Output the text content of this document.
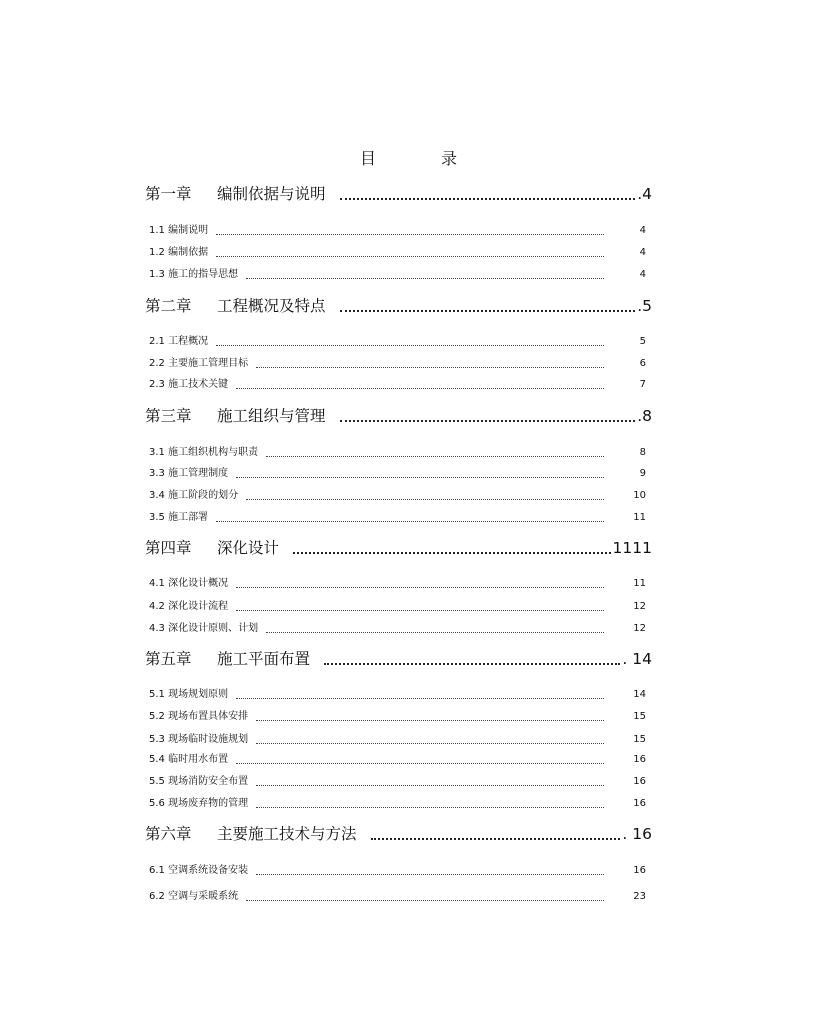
目 录
第一章	编制依据与说明	.4
1.1 编制说明	4
1.2 编制依据	4
1.3 施工的指导思想	4
第二章	工程概况及特点	.5
2.1 工程概况	5
2.2 主要施工管理目标	6
2.3 施工技术关键	7
第三章	施工组织与管理	.8
3.1 施工组织机构与职责	8
3.3 施工管理制度	9
3.4 施工阶段的划分	10
3.5 施工部署	11
第四章	深化设计	1111
4.1 深化设计概况	11
4.2 深化设计流程	12
4.3 深化设计原则、计划	12
第五章	施工平面布置	. 14
5.1 现场规划原则	14
5.2 现场布置具体安排	15
5.3 现场临时设施规划	15
5.4 临时用水布置	16
5.5 现场消防安全布置	16
5.6 现场废弃物的管理	16
第六章	主要施工技术与方法	. 16
6.1 空调系统设备安装	16
6.2 空调与采暖系统	23
